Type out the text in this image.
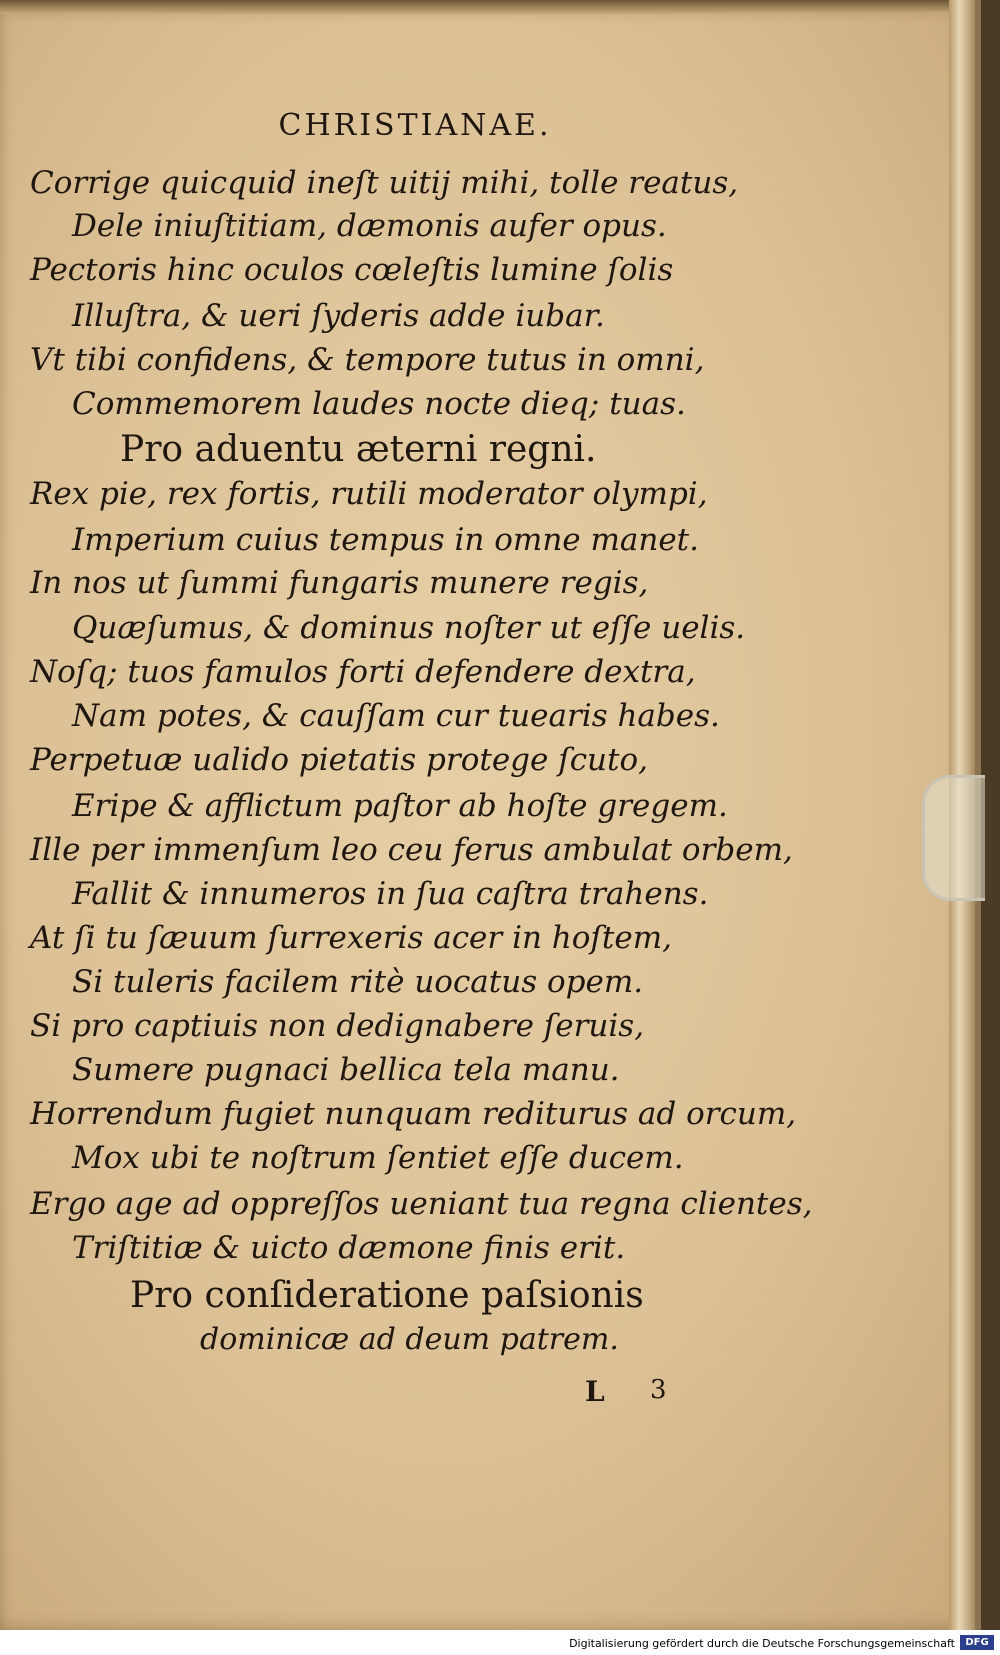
CHRISTIANAE.
Corrige quicquid ineſt uitij mihi, tolle reatus,
Dele iniuſtitiam, dæmonis aufer opus.
Pectoris hinc oculos cœleſtis lumine ſolis
Illuſtra, & ueri ſyderis adde iubar.
Vt tibi confidens, & tempore tutus in omni,
Commemorem laudes nocte dieq; tuas.
Pro aduentu æterni regni.
Rex pie, rex fortis, rutili moderator olympi,
Imperium cuius tempus in omne manet.
In nos ut ſummi fungaris munere regis,
Quæſumus, & dominus noſter ut eſſe uelis.
Noſq; tuos famulos forti defendere dextra,
Nam potes, & cauſſam cur tuearis habes.
Perpetuæ ualido pietatis protege ſcuto,
Eripe & afflictum paſtor ab hoſte gregem.
Ille per immenſum leo ceu ferus ambulat orbem,
Fallit & innumeros in ſua caſtra trahens.
At ſi tu ſæuum ſurrexeris acer in hoſtem,
Si tuleris facilem ritè uocatus opem.
Si pro captiuis non dedignabere ſeruis,
Sumere pugnaci bellica tela manu.
Horrendum fugiet nunquam rediturus ad orcum,
Mox ubi te noſtrum ſentiet eſſe ducem.
Ergo age ad oppreſſos ueniant tua regna clientes,
Triſtitiæ & uicto dæmone finis erit.
Pro conſideratione paſsionis
dominicæ ad deum patrem.
L 3
Digitalisierung gefördert durch die Deutsche Forschungsgemeinschaft	DFG
